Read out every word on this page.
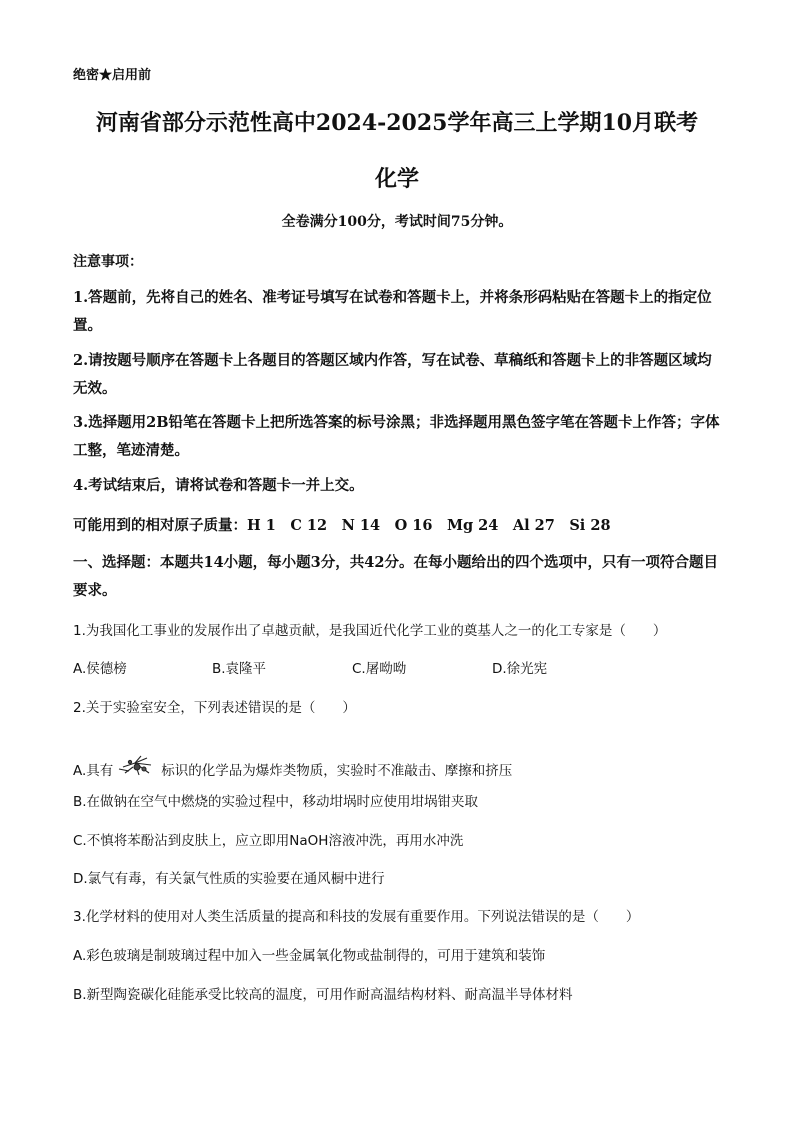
绝密★启用前
河南省部分示范性高中2024-2025学年高三上学期10月联考
化学
全卷满分100分，考试时间75分钟。
注意事项：
1.答题前，先将自己的姓名、准考证号填写在试卷和答题卡上，并将条形码粘贴在答题卡上的指定位置。
2.请按题号顺序在答题卡上各题目的答题区域内作答，写在试卷、草稿纸和答题卡上的非答题区域均无效。
3.选择题用2B铅笔在答题卡上把所选答案的标号涂黑；非选择题用黑色签字笔在答题卡上作答；字体工整，笔迹清楚。
4.考试结束后，请将试卷和答题卡一并上交。
可能用到的相对原子质量：H 1　C 12　N 14　O 16　Mg 24　Al 27　Si 28
一、选择题：本题共14小题，每小题3分，共42分。在每小题给出的四个选项中，只有一项符合题目要求。
1.为我国化工事业的发展作出了卓越贡献，是我国近代化学工业的奠基人之一的化工专家是（　　）
A.侯德榜	B.袁隆平	C.屠呦呦	D.徐光宪
2.关于实验室安全，下列表述错误的是（　　）
A.具有	标识的化学品为爆炸类物质，实验时不准敲击、摩擦和挤压
B.在做钠在空气中燃烧的实验过程中，移动坩埚时应使用坩埚钳夹取
C.不慎将苯酚沾到皮肤上，应立即用NaOH溶液冲洗，再用水冲洗
D.氯气有毒，有关氯气性质的实验要在通风橱中进行
3.化学材料的使用对人类生活质量的提高和科技的发展有重要作用。下列说法错误的是（　　）
A.彩色玻璃是制玻璃过程中加入一些金属氧化物或盐制得的，可用于建筑和装饰
B.新型陶瓷碳化硅能承受比较高的温度，可用作耐高温结构材料、耐高温半导体材料
